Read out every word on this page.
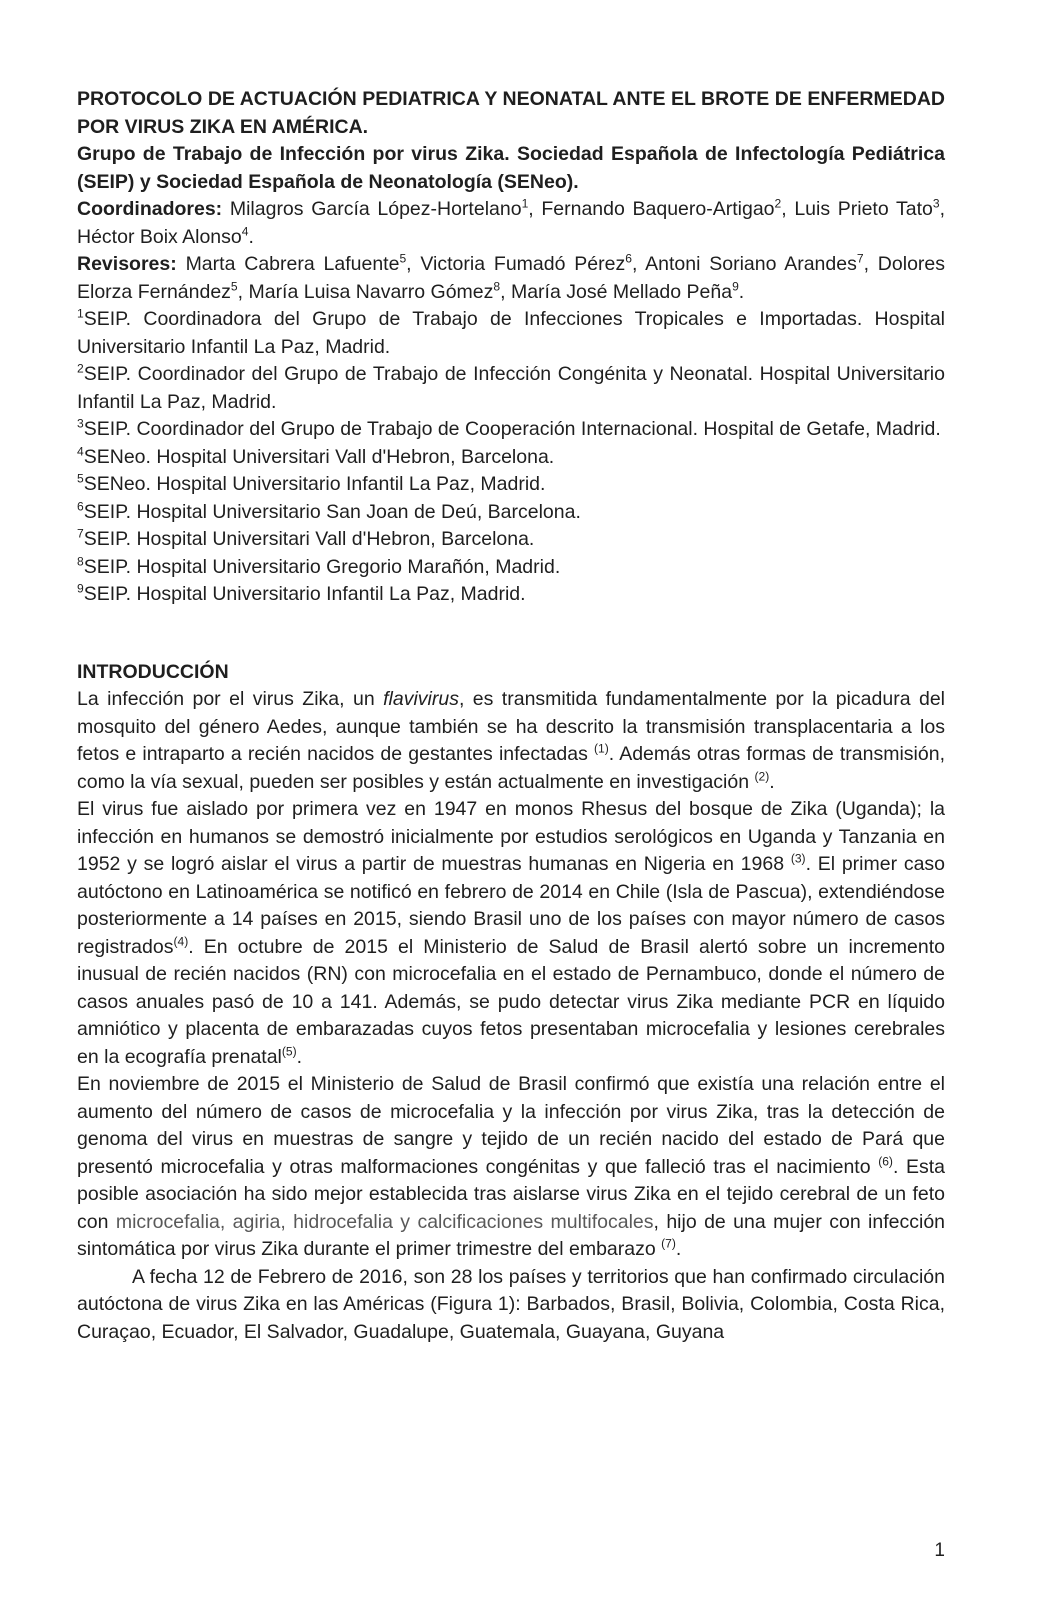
PROTOCOLO DE ACTUACIÓN PEDIATRICA Y NEONATAL ANTE EL BROTE DE ENFERMEDAD POR VIRUS ZIKA EN AMÉRICA.

Grupo de Trabajo de Infección por virus Zika. Sociedad Española de Infectología Pediátrica (SEIP) y Sociedad Española de Neonatología (SENeo).

Coordinadores: Milagros García López-Hortelano$^1$, Fernando Baquero-Artigao$^2$, Luis Prieto Tato$^3$, Héctor Boix Alonso$^4$.

Revisores: Marta Cabrera Lafuente$^5$, Victoria Fumadó Pérez$^6$, Antoni Soriano Arandes$^7$, Dolores Elorza Fernández$^5$, María Luisa Navarro Gómez$^8$, María José Mellado Peña$^9$.

$^1$SEIP. Coordinadora del Grupo de Trabajo de Infecciones Tropicales e Importadas. Hospital Universitario Infantil La Paz, Madrid.
$^2$SEIP. Coordinador del Grupo de Trabajo de Infección Congénita y Neonatal. Hospital Universitario Infantil La Paz, Madrid.
$^3$SEIP. Coordinador del Grupo de Trabajo de Cooperación Internacional. Hospital de Getafe, Madrid.
$^4$SENeo. Hospital Universitari Vall d'Hebron, Barcelona.
$^5$SENeo. Hospital Universitario Infantil La Paz, Madrid.
$^6$SEIP. Hospital Universitario San Joan de Deú, Barcelona.
$^7$SEIP. Hospital Universitari Vall d'Hebron, Barcelona.
$^8$SEIP. Hospital Universitario Gregorio Marañón, Madrid.
$^9$SEIP. Hospital Universitario Infantil La Paz, Madrid.

INTRODUCCIÓN

La infección por el virus Zika, un flavivirus, es transmitida fundamentalmente por la picadura del mosquito del género Aedes, aunque también se ha descrito la transmisión transplacentaria a los fetos e intraparto a recién nacidos de gestantes infectadas $^{(1)}$. Además otras formas de transmisión, como la vía sexual, pueden ser posibles y están actualmente en investigación $^{(2)}$.

El virus fue aislado por primera vez en 1947 en monos Rhesus del bosque de Zika (Uganda); la infección en humanos se demostró inicialmente por estudios serológicos en Uganda y Tanzania en 1952 y se logró aislar el virus a partir de muestras humanas en Nigeria en 1968 $^{(3)}$. El primer caso autóctono en Latinoamérica se notificó en febrero de 2014 en Chile (Isla de Pascua), extendiéndose posteriormente a 14 países en 2015, siendo Brasil uno de los países con mayor número de casos registrados$^{(4)}$. En octubre de 2015 el Ministerio de Salud de Brasil alertó sobre un incremento inusual de recién nacidos (RN) con microcefalia en el estado de Pernambuco, donde el número de casos anuales pasó de 10 a 141. Además, se pudo detectar virus Zika mediante PCR en líquido amniótico y placenta de embarazadas cuyos fetos presentaban microcefalia y lesiones cerebrales en la ecografía prenatal$^{(5)}$.

En noviembre de 2015 el Ministerio de Salud de Brasil confirmó que existía una relación entre el aumento del número de casos de microcefalia y la infección por virus Zika, tras la detección de genoma del virus en muestras de sangre y tejido de un recién nacido del estado de Pará que presentó microcefalia y otras malformaciones congénitas y que falleció tras el nacimiento $^{(6)}$. Esta posible asociación ha sido mejor establecida tras aislarse virus Zika en el tejido cerebral de un feto con microcefalia, agiria, hidrocefalia y calcificaciones multifocales, hijo de una mujer con infección sintomática por virus Zika durante el primer trimestre del embarazo $^{(7)}$.

A fecha 12 de Febrero de 2016, son 28 los países y territorios que han confirmado circulación autóctona de virus Zika en las Américas (Figura 1): Barbados, Brasil, Bolivia, Colombia, Costa Rica, Curaçao, Ecuador, El Salvador, Guadalupe, Guatemala, Guayana, Guyana

1
